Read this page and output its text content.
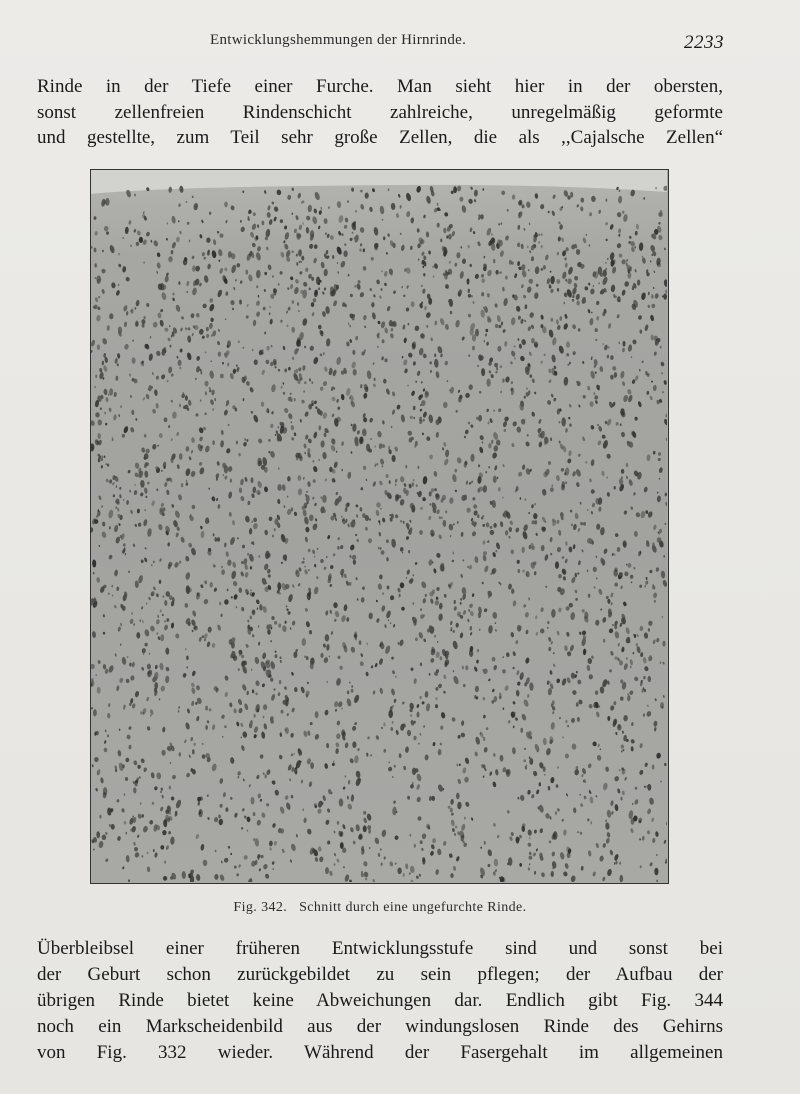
Entwicklungshemmungen der Hirnrinde.	2233
Rinde in der Tiefe einer Furche. Man sieht hier in der obersten,
sonst zellenfreien Rindenschicht zahlreiche, unregelmäßig geformte
und gestellte, zum Teil sehr große Zellen, die als ,,Cajalsche Zellen“
Fig. 342. Schnitt durch eine ungefurchte Rinde.
Überbleibsel einer früheren Entwicklungsstufe sind und sonst bei
der Geburt schon zurückgebildet zu sein pflegen; der Aufbau der
übrigen Rinde bietet keine Abweichungen dar. Endlich gibt Fig. 344
noch ein Markscheidenbild aus der windungslosen Rinde des Gehirns
von Fig. 332 wieder. Während der Fasergehalt im allgemeinen
